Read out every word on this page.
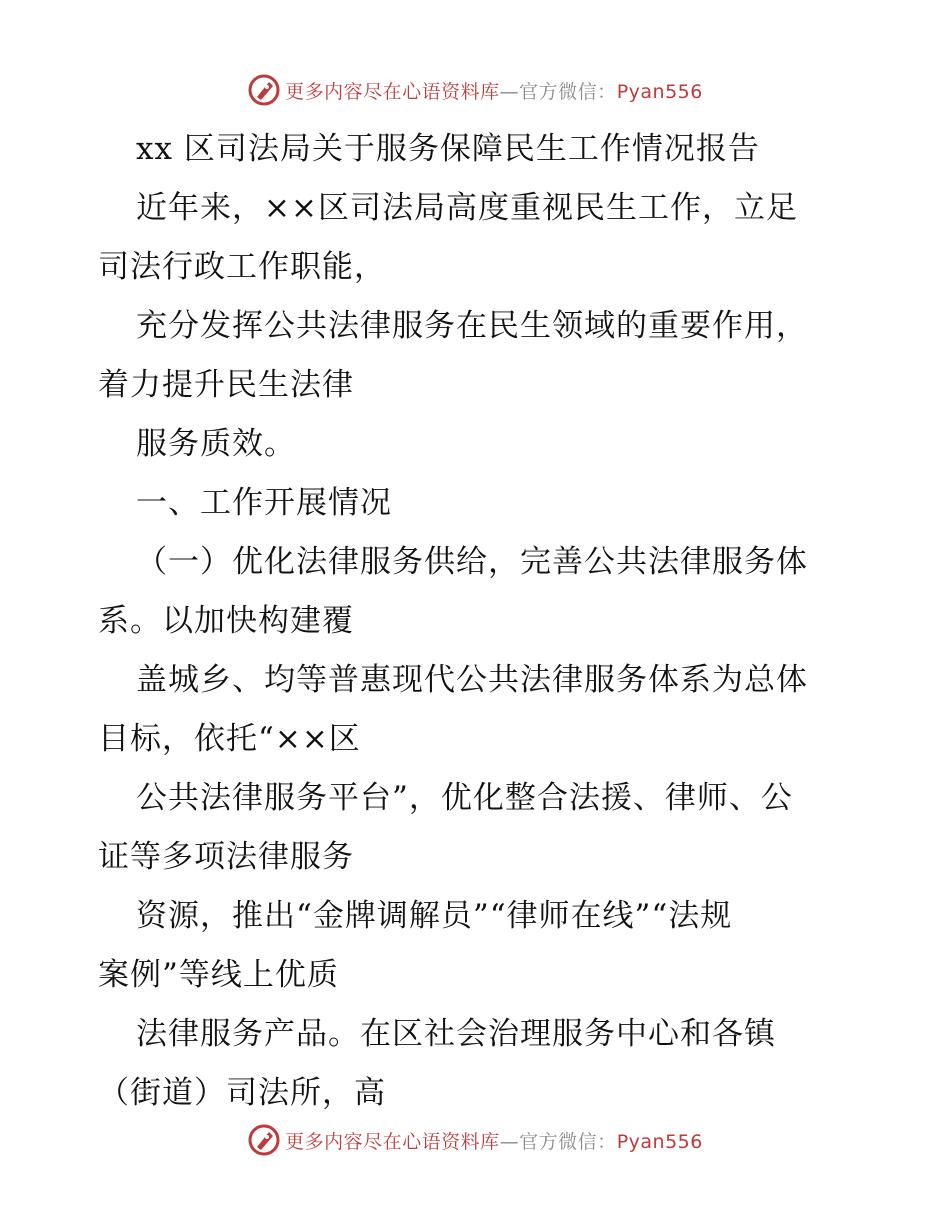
更多内容尽在心语资料库—官方微信：Pyan556
xx 区司法局关于服务保障民生工作情况报告
近年来，××区司法局高度重视民生工作，立足
司法行政工作职能，
充分发挥公共法律服务在民生领域的重要作用，
着力提升民生法律
服务质效。
一、工作开展情况
（一）优化法律服务供给，完善公共法律服务体
系。以加快构建覆
盖城乡、均等普惠现代公共法律服务体系为总体
目标，依托“××区
公共法律服务平台”，优化整合法援、律师、公
证等多项法律服务
资源，推出“金牌调解员”“律师在线”“法规
案例”等线上优质
法律服务产品。在区社会治理服务中心和各镇
（街道）司法所，高
更多内容尽在心语资料库—官方微信：Pyan556
